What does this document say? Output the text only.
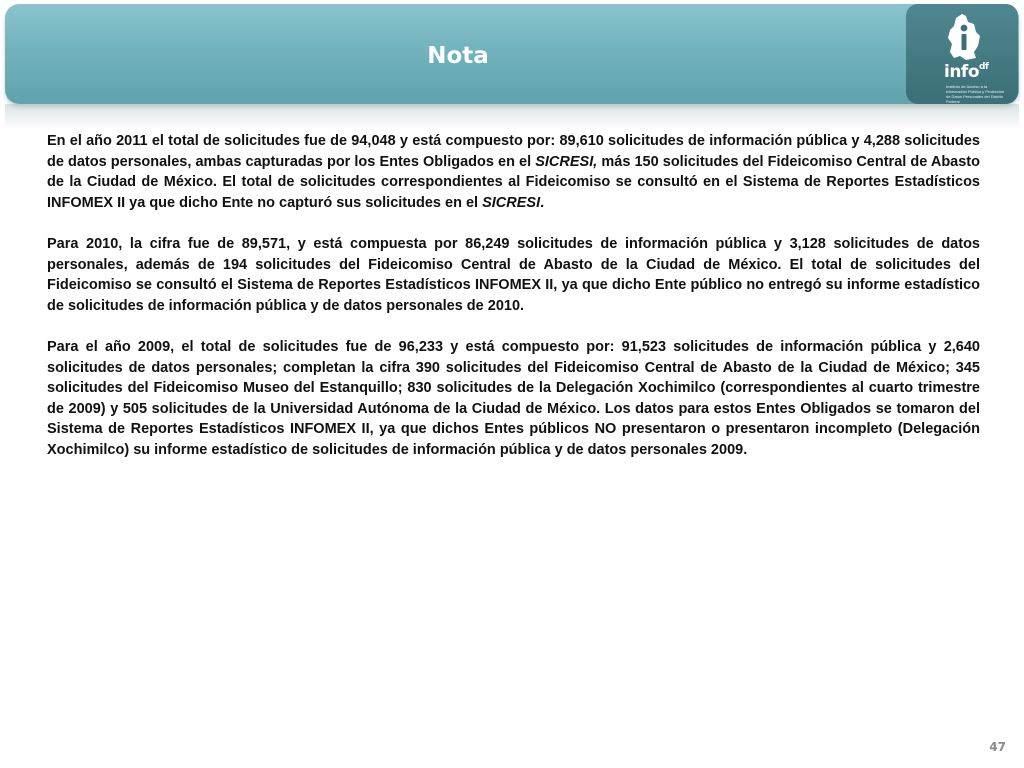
Nota
info$^{df}$
Instituto de Acceso a la Información Pública y Protección de Datos Personales del Distrito Federal

En el año 2011 el total de solicitudes fue de 94,048 y está compuesto por: 89,610 solicitudes de información pública y 4,288 solicitudes de datos personales, ambas capturadas por los Entes Obligados en el SICRESI, más 150 solicitudes del Fideicomiso Central de Abasto de la Ciudad de México. El total de solicitudes correspondientes al Fideicomiso se consultó en el Sistema de Reportes Estadísticos INFOMEX II ya que dicho Ente no capturó sus solicitudes en el SICRESI.

Para 2010, la cifra fue de 89,571, y está compuesta por 86,249 solicitudes de información pública y 3,128 solicitudes de datos personales, además de 194 solicitudes del Fideicomiso Central de Abasto de la Ciudad de México. El total de solicitudes del Fideicomiso se consultó el Sistema de Reportes Estadísticos INFOMEX II, ya que dicho Ente público no entregó su informe estadístico de solicitudes de información pública y de datos personales de 2010.

Para el año 2009, el total de solicitudes fue de 96,233 y está compuesto por: 91,523 solicitudes de información pública y 2,640 solicitudes de datos personales; completan la cifra 390 solicitudes del Fideicomiso Central de Abasto de la Ciudad de México; 345 solicitudes del Fideicomiso Museo del Estanquillo; 830 solicitudes de la Delegación Xochimilco (correspondientes al cuarto trimestre de 2009) y 505 solicitudes de la Universidad Autónoma de la Ciudad de México. Los datos para estos Entes Obligados se tomaron del Sistema de Reportes Estadísticos INFOMEX II, ya que dichos Entes públicos NO presentaron o presentaron incompleto (Delegación Xochimilco) su informe estadístico de solicitudes de información pública y de datos personales 2009.

47
